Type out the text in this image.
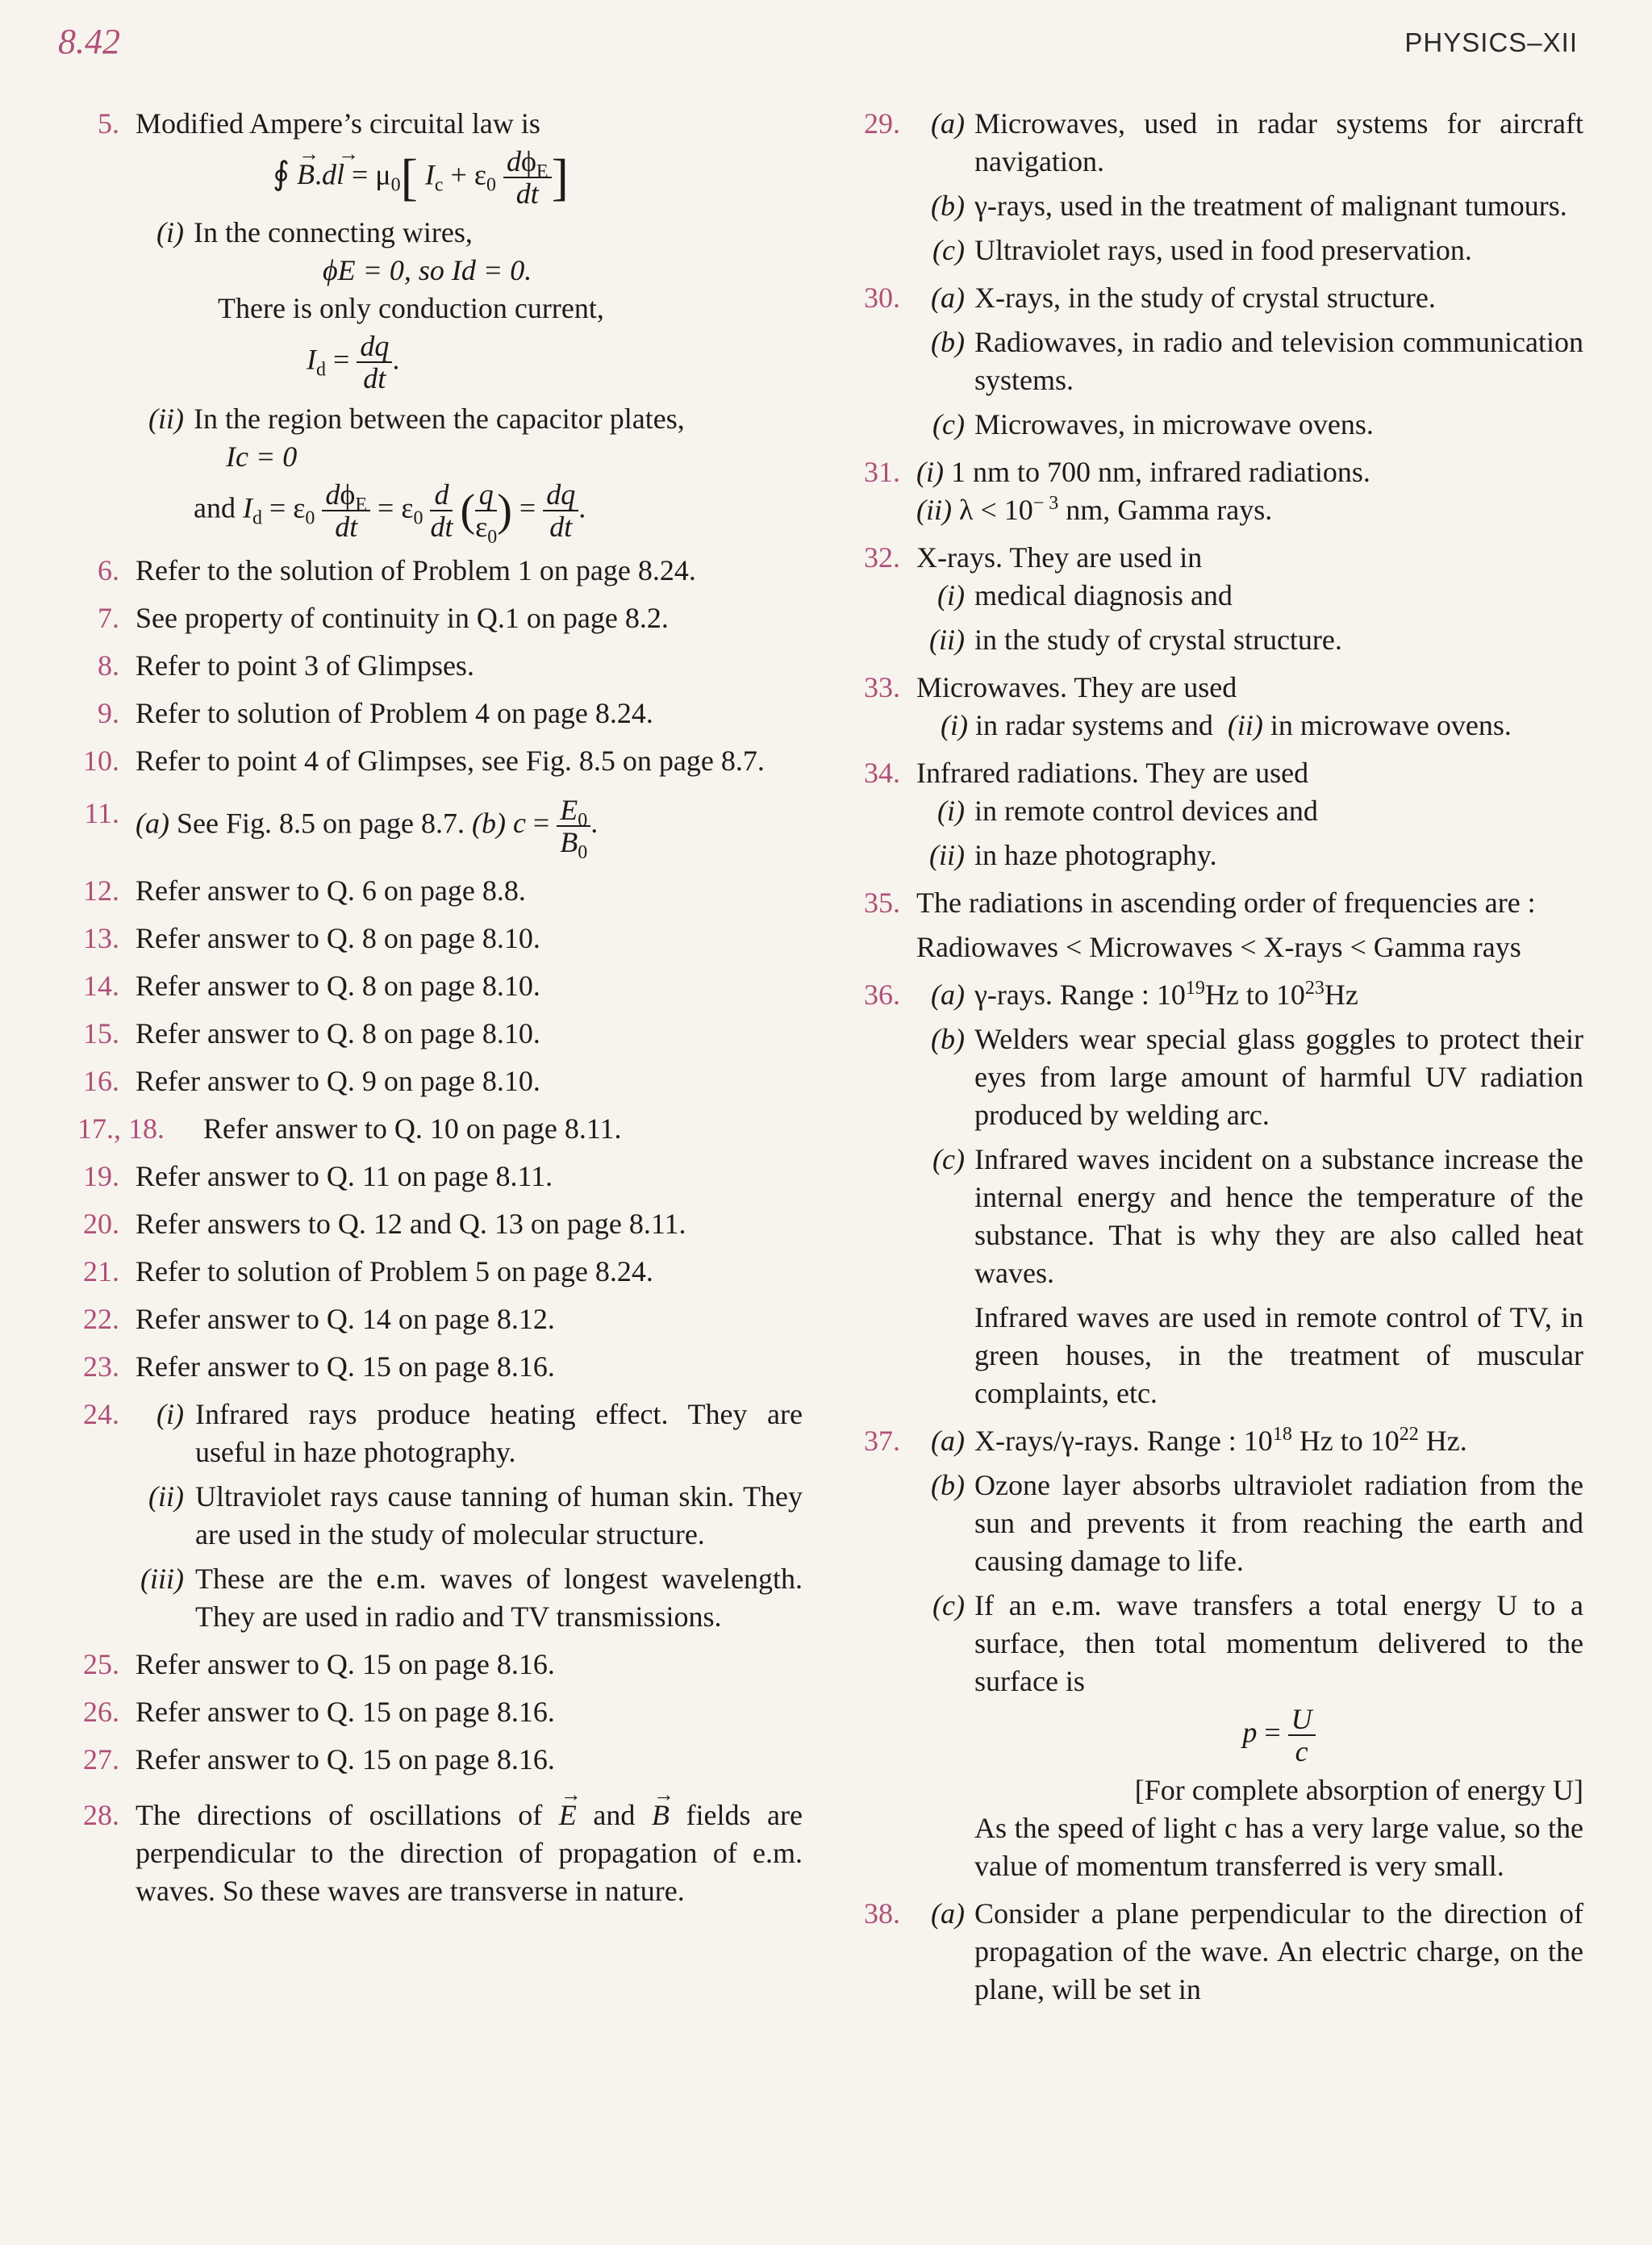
8.42	PHYSICS–XII
5. Modified Ampere’s circuital law is
∮ → $B.d\to l = \mu_0$[ $I_c + \varepsilon_0 \frac{d\phi_E}{dt}$ ]
(i) In the connecting wires,
ϕE = 0, so Id = 0.
There is only conduction current,
$I_d = \frac{dq}{dt}$ .
(ii) In the region between the capacitor plates,
Ic = 0
and $I_d = \varepsilon_0 \frac{d\phi_E}{dt} = \varepsilon_0 \frac{d}{dt}$ ( $\frac{q}{\varepsilon_0}$ ) = $\frac{dq}{dt}$ .
6. Refer to the solution of Problem 1 on page 8.24.
7. See property of continuity in Q.1 on page 8.2.
8. Refer to point 3 of Glimpses.
9. Refer to solution of Problem 4 on page 8.24.
10. Refer to point 4 of Glimpses, see Fig. 8.5 on page 8.7.
11. (a) See Fig. 8.5 on page 8.7. (b) $c = \frac{E_0}{B_0}$ .
12. Refer answer to Q. 6 on page 8.8.
13. Refer answer to Q. 8 on page 8.10.
14. Refer answer to Q. 8 on page 8.10.
15. Refer answer to Q. 8 on page 8.10.
16. Refer answer to Q. 9 on page 8.10.
17., 18.	Refer answer to Q. 10 on page 8.11.
19. Refer answer to Q. 11 on page 8.11.
20. Refer answers to Q. 12 and Q. 13 on page 8.11.
21. Refer to solution of Problem 5 on page 8.24.
22. Refer answer to Q. 14 on page 8.12.
23. Refer answer to Q. 15 on page 8.16.
24.	(i) Infrared rays produce heating effect. They are useful in haze photography.
(ii) Ultraviolet rays cause tanning of human skin. They are used in the study of molecular structure.
(iii) These are the e.m. waves of longest wavelength. They are used in radio and TV transmissions.
25. Refer answer to Q. 15 on page 8.16.
26. Refer answer to Q. 15 on page 8.16.
27. Refer answer to Q. 15 on page 8.16.
28. The directions of oscillations of → E and → B fields are perpendicular to the direction of propagation of e.m. waves. So these waves are transverse in nature.
29.	(a) Microwaves, used in radar systems for aircraft navigation.
(b) γ-rays, used in the treatment of malignant tumours.
(c) Ultraviolet rays, used in food preservation.
30.	(a) X-rays, in the study of crystal structure.
(b) Radiowaves, in radio and television communication systems.
(c) Microwaves, in microwave ovens.
31. (i) 1 nm to 700 nm, infrared radiations.
(ii) $\lambda < 10^{- 3}$ nm, Gamma rays.
32. X-rays. They are used in
(i) medical diagnosis and
(ii) in the study of crystal structure.
33. Microwaves. They are used
(i) in radar systems and (ii) in microwave ovens.
34. Infrared radiations. They are used
(i) in remote control devices and
(ii) in haze photography.
35. The radiations in ascending order of frequencies are :
Radiowaves < Microwaves < X-rays < Gamma rays
36.	(a) γ-rays. Range : $10^{19}Hz$ to $10^{23}Hz$
(b) Welders wear special glass goggles to protect their eyes from large amount of harmful UV radiation produced by welding arc.
(c) Infrared waves incident on a substance increase the internal energy and hence the temperature of the substance. That is why they are also called heat waves.
Infrared waves are used in remote control of TV, in green houses, in the treatment of muscular complaints, etc.
37.	(a) X-rays/γ-rays. Range : $10^{18}$ Hz to $10^{22}$ Hz.
(b) Ozone layer absorbs ultraviolet radiation from the sun and prevents it from reaching the earth and causing damage to life.
(c) If an e.m. wave transfers a total energy U to a surface, then total momentum delivered to the surface is
$p = \frac{U}{c}$
[For complete absorption of energy U]
As the speed of light c has a very large value, so the value of momentum transferred is very small.
38.	(a) Consider a plane perpendicular to the direction of propagation of the wave. An electric charge, on the plane, will be set in
